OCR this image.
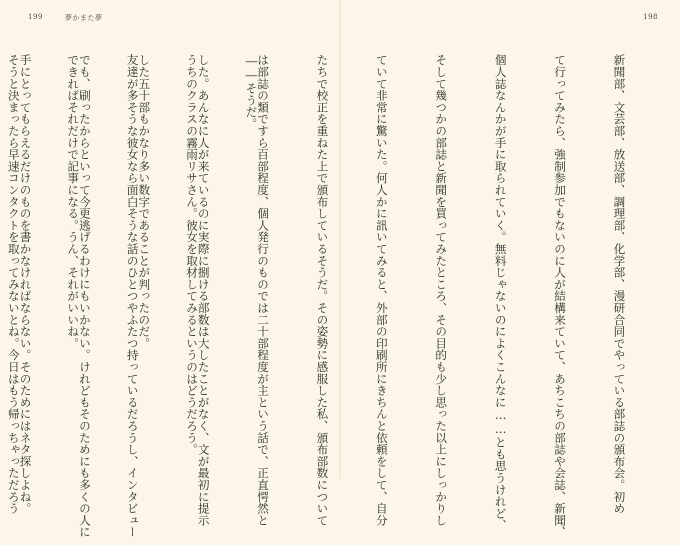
199	夢かまた夢

――そうだ。

うちのクラスの霧雨リサさん。彼女を取材してみるというのはどうだろう。

友達が多そうな彼女なら面白そうな話のひとつやふたつ持っているだろうし、インタビュー

できればそれだけで記事になる。うん、それがいいね。

そうと決まったら早速コンタクトを取ってみないとね。今日はもう帰っちゃっただろう

198

新聞部、文芸部、放送部、調理部、化学部、漫研合同でやっている部誌の頒布会。初め

て行ってみたら、強制参加でもないのに人が結構来ていて、あちこちの部誌や会誌、新聞、

個人誌なんかが手に取られていく。無料じゃないのによくこんなに……とも思うけれど、

そして幾つかの部誌と新聞を買ってみたところ、その目的も少し思った以上にしっかりし

ていて非常に驚いた。何人かに訊いてみると、外部の印刷所にきちんと依頼をして、自分

たちで校正を重ねた上で頒布しているそうだ。その姿勢に感服した私、頒布部数について

は部誌の類ですら百部程度、個人発行のものでは二十部程度が主という話で、正直愕然と

した。あんなに人が来ているのに実際に捌ける部数は大したことがなく、文が最初に提示

した五十部もかなり多い数字であることが判ったのだ。

でも、刷ったからといって今更逃げるわけにもいかない。けれどもそのためにも多くの人に

手にとってもらえるだけのものを書かなければならない。そのためにはネタ探しよね。
